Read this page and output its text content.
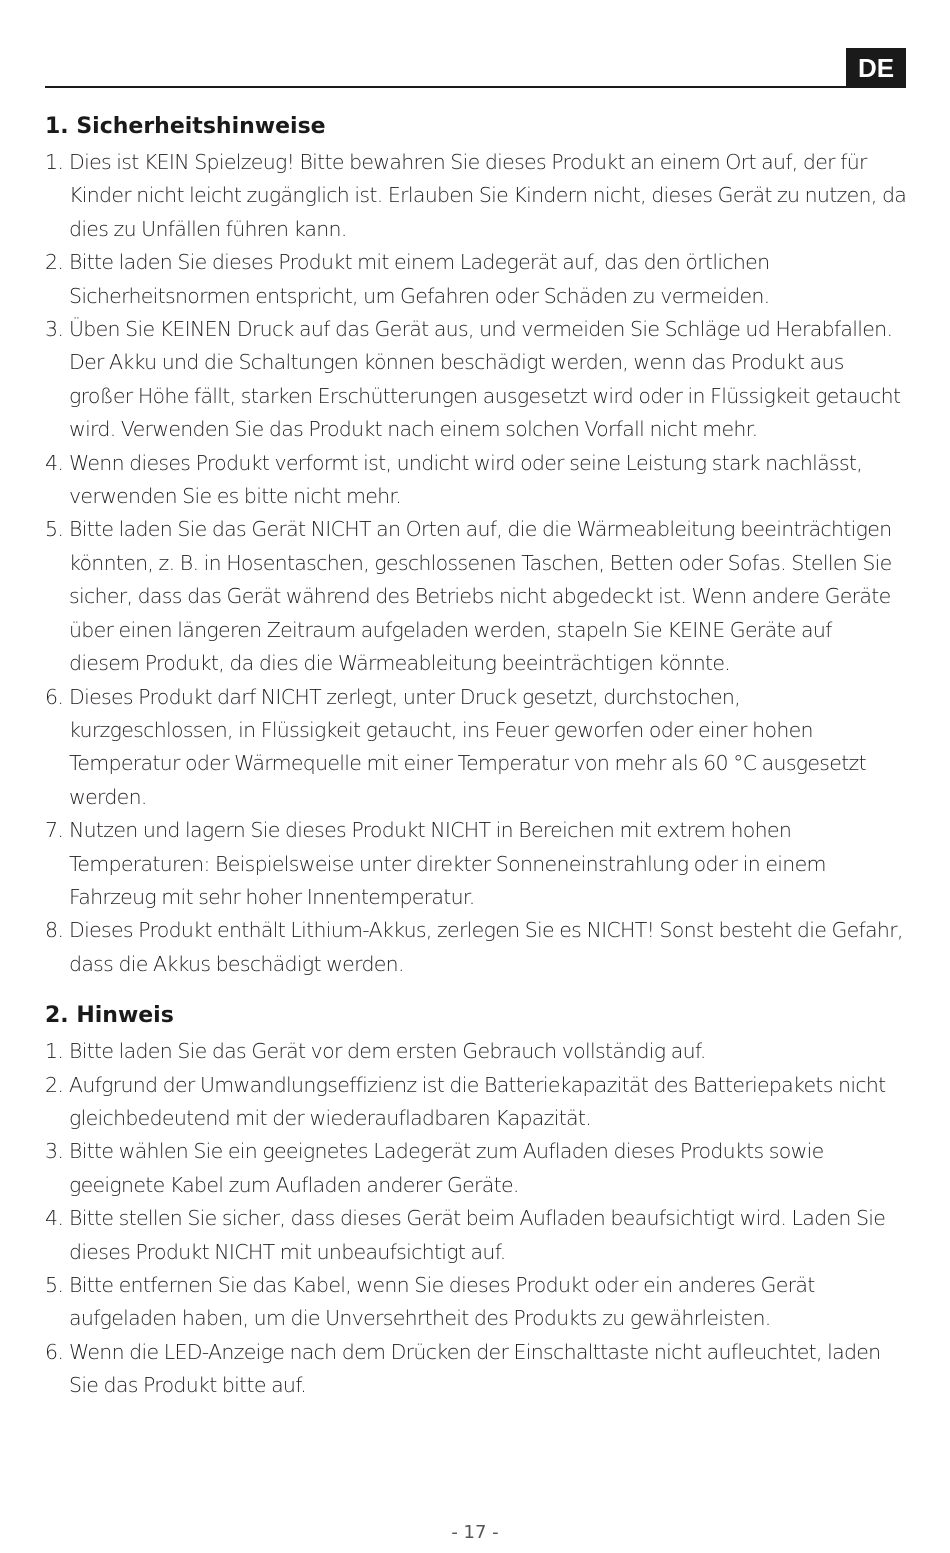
DE
1. Sicherheitshinweise
1. Dies ist KEIN Spielzeug! Bitte bewahren Sie dieses Produkt an einem Ort auf, der für Kinder nicht leicht zugänglich ist. Erlauben Sie Kindern nicht, dieses Gerät zu nutzen, da dies zu Unfällen führen kann.
2. Bitte laden Sie dieses Produkt mit einem Ladegerät auf, das den örtlichen Sicherheitsnormen entspricht, um Gefahren oder Schäden zu vermeiden.
3. Üben Sie KEINEN Druck auf das Gerät aus, und vermeiden Sie Schläge ud Herabfallen. Der Akku und die Schaltungen können beschädigt werden, wenn das Produkt aus großer Höhe fällt, starken Erschütterungen ausgesetzt wird oder in Flüssigkeit getaucht wird. Verwenden Sie das Produkt nach einem solchen Vorfall nicht mehr.
4. Wenn dieses Produkt verformt ist, undicht wird oder seine Leistung stark nachlässt, verwenden Sie es bitte nicht mehr.
5. Bitte laden Sie das Gerät NICHT an Orten auf, die die Wärmeableitung beeinträchtigen könnten, z. B. in Hosentaschen, geschlossenen Taschen, Betten oder Sofas. Stellen Sie sicher, dass das Gerät während des Betriebs nicht abgedeckt ist. Wenn andere Geräte über einen längeren Zeitraum aufgeladen werden, stapeln Sie KEINE Geräte auf diesem Produkt, da dies die Wärmeableitung beeinträchtigen könnte.
6. Dieses Produkt darf NICHT zerlegt, unter Druck gesetzt, durchstochen, kurzgeschlossen, in Flüssigkeit getaucht, ins Feuer geworfen oder einer hohen Temperatur oder Wärmequelle mit einer Temperatur von mehr als 60 °C ausgesetzt werden.
7. Nutzen und lagern Sie dieses Produkt NICHT in Bereichen mit extrem hohen Temperaturen: Beispielsweise unter direkter Sonneneinstrahlung oder in einem Fahrzeug mit sehr hoher Innentemperatur.
8. Dieses Produkt enthält Lithium-Akkus, zerlegen Sie es NICHT! Sonst besteht die Gefahr, dass die Akkus beschädigt werden.
2. Hinweis
1. Bitte laden Sie das Gerät vor dem ersten Gebrauch vollständig auf.
2. Aufgrund der Umwandlungseffizienz ist die Batteriekapazität des Batteriepakets nicht gleichbedeutend mit der wiederaufladbaren Kapazität.
3. Bitte wählen Sie ein geeignetes Ladegerät zum Aufladen dieses Produkts sowie geeignete Kabel zum Aufladen anderer Geräte.
4. Bitte stellen Sie sicher, dass dieses Gerät beim Aufladen beaufsichtigt wird. Laden Sie dieses Produkt NICHT mit unbeaufsichtigt auf.
5. Bitte entfernen Sie das Kabel, wenn Sie dieses Produkt oder ein anderes Gerät aufgeladen haben, um die Unversehrtheit des Produkts zu gewährleisten.
6. Wenn die LED-Anzeige nach dem Drücken der Einschalttaste nicht aufleuchtet, laden Sie das Produkt bitte auf.
- 17 -
